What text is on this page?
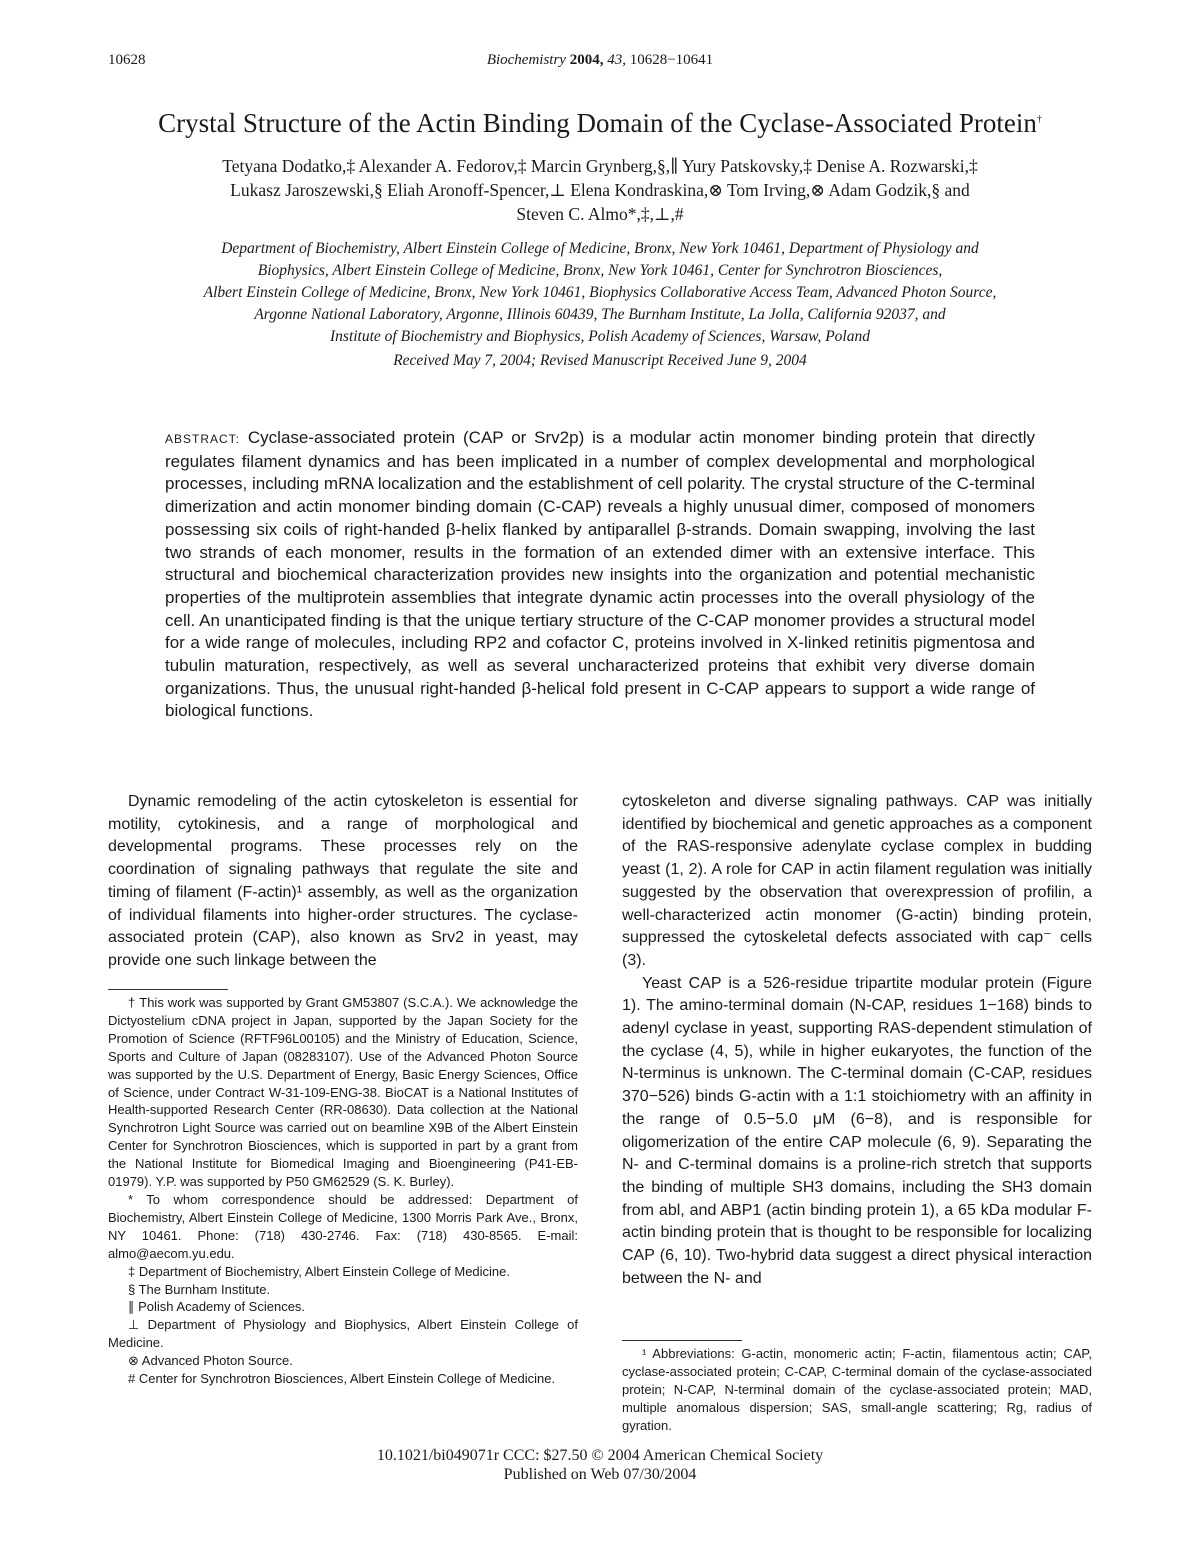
10628	Biochemistry 2004, 43, 10628−10641
Crystal Structure of the Actin Binding Domain of the Cyclase-Associated Protein†
Tetyana Dodatko,‡ Alexander A. Fedorov,‡ Marcin Grynberg,§,∥ Yury Patskovsky,‡ Denise A. Rozwarski,‡
Lukasz Jaroszewski,§ Eliah Aronoff-Spencer,⊥ Elena Kondraskina,⊗ Tom Irving,⊗ Adam Godzik,§ and
Steven C. Almo*,‡,⊥,#
Department of Biochemistry, Albert Einstein College of Medicine, Bronx, New York 10461, Department of Physiology and
Biophysics, Albert Einstein College of Medicine, Bronx, New York 10461, Center for Synchrotron Biosciences,
Albert Einstein College of Medicine, Bronx, New York 10461, Biophysics Collaborative Access Team, Advanced Photon Source,
Argonne National Laboratory, Argonne, Illinois 60439, The Burnham Institute, La Jolla, California 92037, and
Institute of Biochemistry and Biophysics, Polish Academy of Sciences, Warsaw, Poland
Received May 7, 2004; Revised Manuscript Received June 9, 2004
ABSTRACT: Cyclase-associated protein (CAP or Srv2p) is a modular actin monomer binding protein that directly regulates filament dynamics and has been implicated in a number of complex developmental and morphological processes, including mRNA localization and the establishment of cell polarity. The crystal structure of the C-terminal dimerization and actin monomer binding domain (C-CAP) reveals a highly unusual dimer, composed of monomers possessing six coils of right-handed β-helix flanked by antiparallel β-strands. Domain swapping, involving the last two strands of each monomer, results in the formation of an extended dimer with an extensive interface. This structural and biochemical characterization provides new insights into the organization and potential mechanistic properties of the multiprotein assemblies that integrate dynamic actin processes into the overall physiology of the cell. An unanticipated finding is that the unique tertiary structure of the C-CAP monomer provides a structural model for a wide range of molecules, including RP2 and cofactor C, proteins involved in X-linked retinitis pigmentosa and tubulin maturation, respectively, as well as several uncharacterized proteins that exhibit very diverse domain organizations. Thus, the unusual right-handed β-helical fold present in C-CAP appears to support a wide range of biological functions.

Dynamic remodeling of the actin cytoskeleton is essential for motility, cytokinesis, and a range of morphological and developmental programs. These processes rely on the coordination of signaling pathways that regulate the site and timing of filament (F-actin)¹ assembly, as well as the organization of individual filaments into higher-order structures. The cyclase-associated protein (CAP), also known as Srv2 in yeast, may provide one such linkage between the

† This work was supported by Grant GM53807 (S.C.A.). We acknowledge the Dictyostelium cDNA project in Japan, supported by the Japan Society for the Promotion of Science (RFTF96L00105) and the Ministry of Education, Science, Sports and Culture of Japan (08283107). Use of the Advanced Photon Source was supported by the U.S. Department of Energy, Basic Energy Sciences, Office of Science, under Contract W-31-109-ENG-38. BioCAT is a National Institutes of Health-supported Research Center (RR-08630). Data collection at the National Synchrotron Light Source was carried out on beamline X9B of the Albert Einstein Center for Synchrotron Biosciences, which is supported in part by a grant from the National Institute for Biomedical Imaging and Bioengineering (P41-EB-01979). Y.P. was supported by P50 GM62529 (S. K. Burley).

* To whom correspondence should be addressed: Department of Biochemistry, Albert Einstein College of Medicine, 1300 Morris Park Ave., Bronx, NY 10461. Phone: (718) 430-2746. Fax: (718) 430-8565. E-mail: almo@aecom.yu.edu.

‡ Department of Biochemistry, Albert Einstein College of Medicine.

§ The Burnham Institute.

∥ Polish Academy of Sciences.

⊥ Department of Physiology and Biophysics, Albert Einstein College of Medicine.

⊗ Advanced Photon Source.

# Center for Synchrotron Biosciences, Albert Einstein College of Medicine.

cytoskeleton and diverse signaling pathways. CAP was initially identified by biochemical and genetic approaches as a component of the RAS-responsive adenylate cyclase complex in budding yeast (1, 2). A role for CAP in actin filament regulation was initially suggested by the observation that overexpression of profilin, a well-characterized actin monomer (G-actin) binding protein, suppressed the cytoskeletal defects associated with cap⁻ cells (3).

Yeast CAP is a 526-residue tripartite modular protein (Figure 1). The amino-terminal domain (N-CAP, residues 1−168) binds to adenyl cyclase in yeast, supporting RAS-dependent stimulation of the cyclase (4, 5), while in higher eukaryotes, the function of the N-terminus is unknown. The C-terminal domain (C-CAP, residues 370−526) binds G-actin with a 1:1 stoichiometry with an affinity in the range of 0.5−5.0 μM (6−8), and is responsible for oligomerization of the entire CAP molecule (6, 9). Separating the N- and C-terminal domains is a proline-rich stretch that supports the binding of multiple SH3 domains, including the SH3 domain from abl, and ABP1 (actin binding protein 1), a 65 kDa modular F-actin binding protein that is thought to be responsible for localizing CAP (6, 10). Two-hybrid data suggest a direct physical interaction between the N- and

¹ Abbreviations: G-actin, monomeric actin; F-actin, filamentous actin; CAP, cyclase-associated protein; C-CAP, C-terminal domain of the cyclase-associated protein; N-CAP, N-terminal domain of the cyclase-associated protein; MAD, multiple anomalous dispersion; SAS, small-angle scattering; Rg, radius of gyration.

10.1021/bi049071r CCC: $27.50 © 2004 American Chemical Society
Published on Web 07/30/2004
